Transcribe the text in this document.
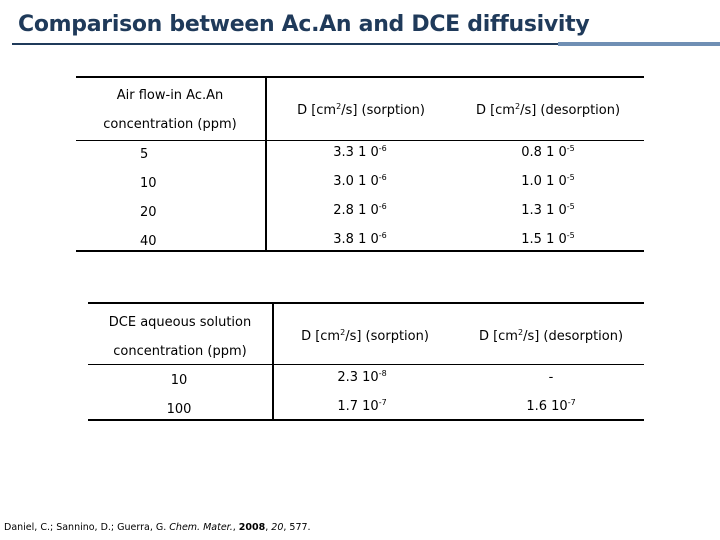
Comparison between Ac.An and DCE diffusivity
Air flow-in Ac.An
concentration (ppm)
D $[cm^2/s]$ (sorption)	D $[cm^2/s]$ (desorption)
5	3.3 1 $0^{-6}$	0.8 1 $0^{-5}$
10	3.0 1 $0^{-6}$	1.0 1 $0^{-5}$
20	2.8 1 $0^{-6}$	1.3 1 $0^{-5}$
40	3.8 1 $0^{-6}$	1.5 1 $0^{-5}$
DCE aqueous solution
concentration (ppm)
D $[cm^2/s]$ (sorption)	D $[cm^2/s]$ (desorption)
10	2.3 $10^{-8}$	-
100	1.7 $10^{-7}$	1.6 $10^{-7}$
Daniel, C.; Sannino, D.; Guerra, G. Chem. Mater., 2008, 20, 577.
